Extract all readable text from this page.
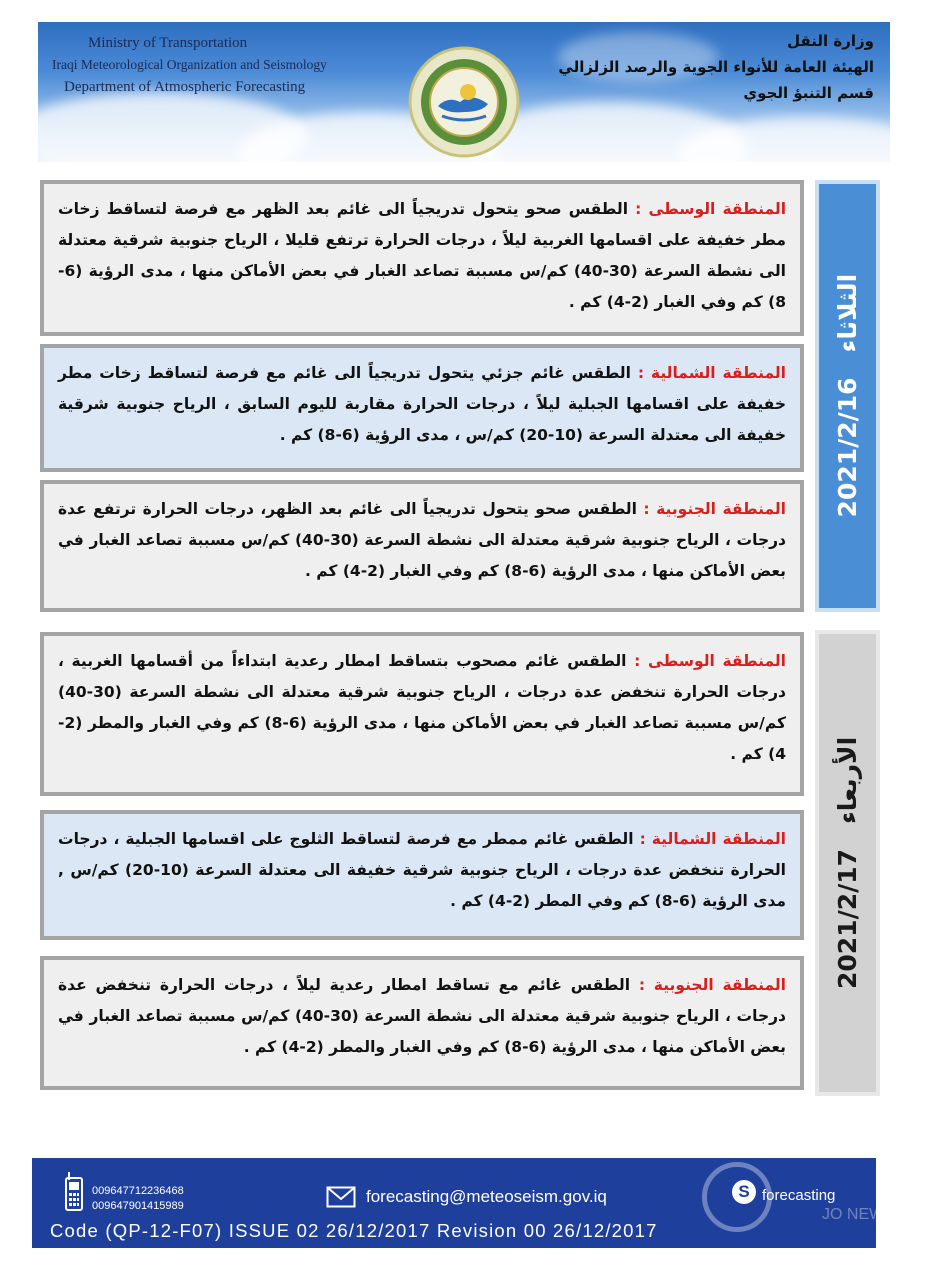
Ministry of Transportation
Iraqi Meteorological Organization and Seismology
Department of Atmospheric Forecasting
وزارة النقل
الهيئة العامة للأنواء الجوية والرصد الزلزالي
قسم التنبؤ الجوي
المنطقة الوسطى : الطقس صحو يتحول تدريجياً الى غائم بعد الظهر مع فرصة لتساقط زخات مطر خفيفة على اقسامها الغربية ليلاً ، درجات الحرارة ترتفع قليلا ، الرياح جنوبية شرقية معتدلة الى نشطة السرعة (30-40) كم/س مسببة تصاعد الغبار في بعض الأماكن منها ، مدى الرؤية (6-8) كم وفي الغبار (2-4) كم .
المنطقة الشمالية : الطقس غائم جزئي يتحول تدريجياً الى غائم مع فرصة لتساقط زخات مطر خفيفة على اقسامها الجبلية ليلاً ، درجات الحرارة مقاربة لليوم السابق ، الرياح جنوبية شرقية خفيفة الى معتدلة السرعة (10-20) كم/س ، مدى الرؤية (6-8) كم .
المنطقة الجنوبية : الطقس صحو يتحول تدريجياً الى غائم بعد الظهر، درجات الحرارة ترتفع عدة درجات ، الرياح جنوبية شرقية معتدلة الى نشطة السرعة (30-40) كم/س مسببة تصاعد الغبار في بعض الأماكن منها ، مدى الرؤية (6-8) كم وفي الغبار (2-4) كم .
2021/2/16 الثلاثاء
المنطقة الوسطى : الطقس غائم مصحوب بتساقط امطار رعدية ابتداءاً من أقسامها الغربية ، درجات الحرارة تنخفض عدة درجات ، الرياح جنوبية شرقية معتدلة الى نشطة السرعة (30-40) كم/س مسببة تصاعد الغبار في بعض الأماكن منها ، مدى الرؤية (6-8) كم وفي الغبار والمطر (2-4) كم .
المنطقة الشمالية : الطقس غائم ممطر مع فرصة لتساقط الثلوج على اقسامها الجبلية ، درجات الحرارة تنخفض عدة درجات ، الرياح جنوبية شرقية خفيفة الى معتدلة السرعة (10-20) كم/س , مدى الرؤية (6-8) كم وفي المطر (2-4) كم .
المنطقة الجنوبية : الطقس غائم مع تساقط امطار رعدية ليلاً ، درجات الحرارة تنخفض عدة درجات ، الرياح جنوبية شرقية معتدلة الى نشطة السرعة (30-40) كم/س مسببة تصاعد الغبار في بعض الأماكن منها ، مدى الرؤية (6-8) كم وفي الغبار والمطر (2-4) كم .
2021/2/17 الأربعاء
009647712236468
009647901415989	forecasting@meteoseism.gov.iq	S forecasting
Code (QP-12-F07) ISSUE 02 26/12/2017 Revision 00 26/12/2017
JO NEW
